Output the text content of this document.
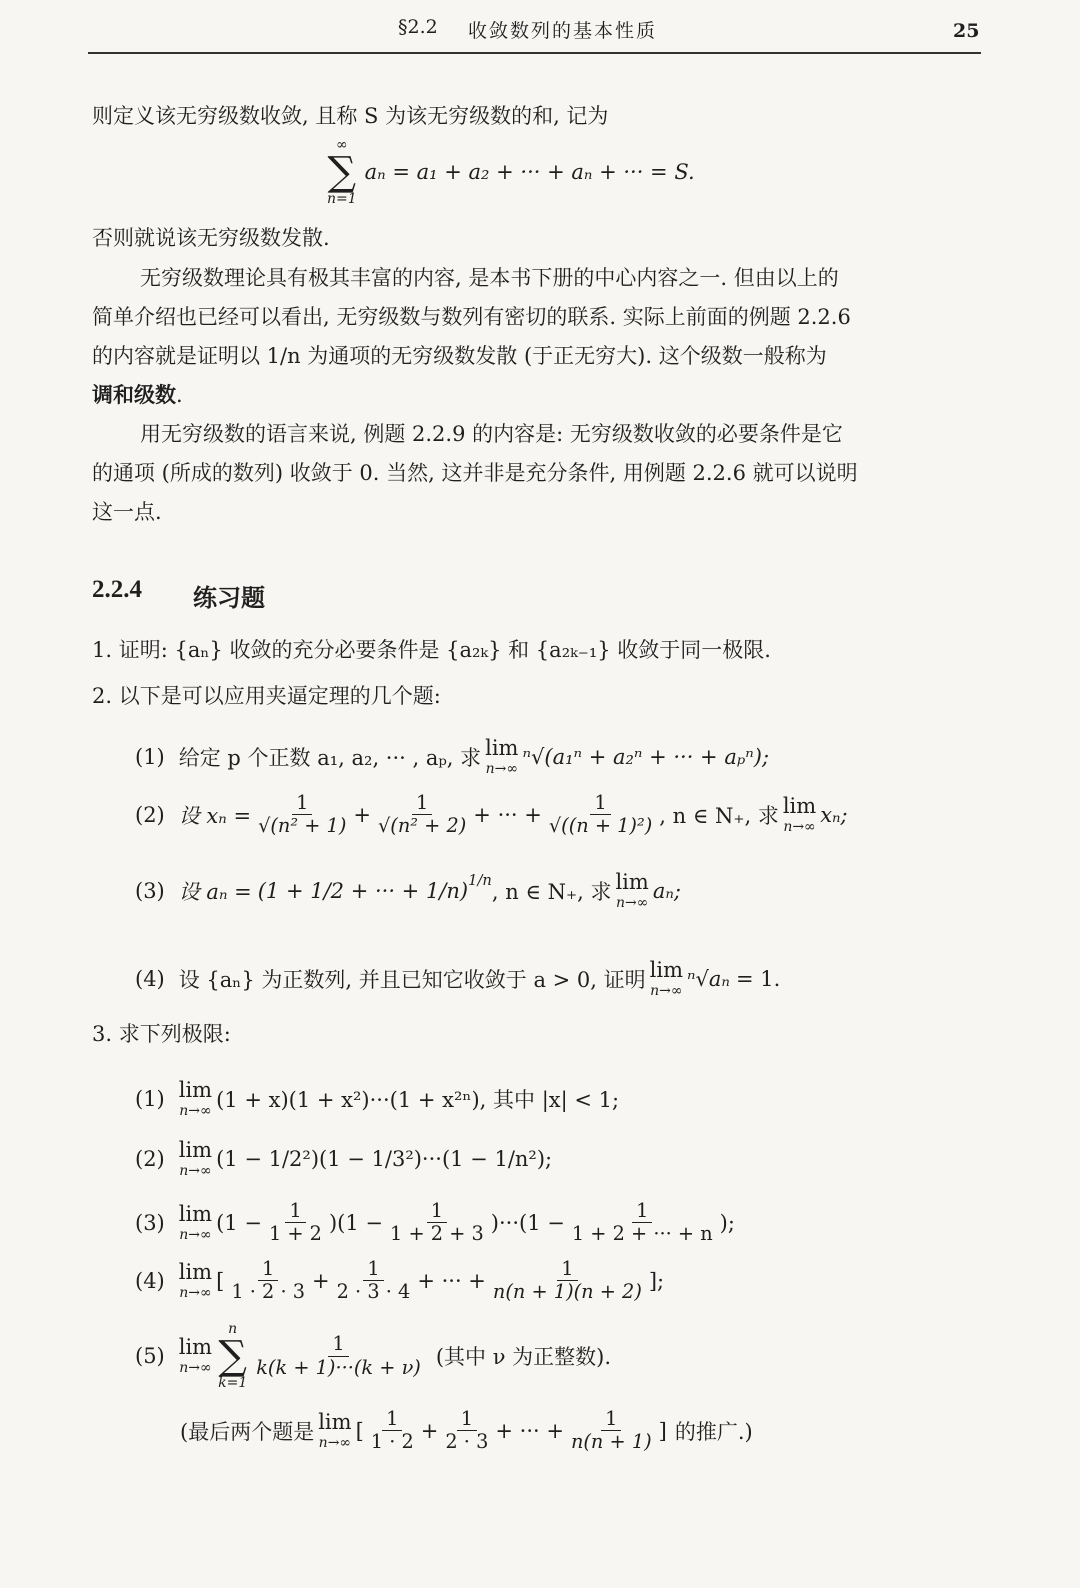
§2.2 收敛数列的基本性质	25
则定义该无穷级数收敛, 且称 S 为该无穷级数的和, 记为
∞
∑
n=1
aₙ = a₁ + a₂ + ··· + aₙ + ··· = S.
否则就说该无穷级数发散.
无穷级数理论具有极其丰富的内容, 是本书下册的中心内容之一. 但由以上的
简单介绍也已经可以看出, 无穷级数与数列有密切的联系. 实际上前面的例题 2.2.6
的内容就是证明以 1/n 为通项的无穷级数发散 (于正无穷大). 这个级数一般称为
调和级数.
用无穷级数的语言来说, 例题 2.2.9 的内容是: 无穷级数收敛的必要条件是它
的通项 (所成的数列) 收敛于 0. 当然, 这并非是充分条件, 用例题 2.2.6 就可以说明
这一点.
2.2.4 练习题
1. 证明: {aₙ} 收敛的充分必要条件是 {a₂ₖ} 和 {a₂ₖ₋₁} 收敛于同一极限.
2. 以下是可以应用夹逼定理的几个题:
(1) 给定 p 个正数 a₁, a₂, ··· , aₚ, 求 lim
n→∞ ⁿ√(a₁ⁿ + a₂ⁿ + ··· + aₚⁿ);
(2) 设 $x_n = \frac{1}{\text{√(n² + 1)}} + \frac{1}{\text{√(n² + 2)}}$ + ··· + $\frac{1}{\text{√((n + 1)²)}}$ , n ∈ N₊, 求 lim
n→∞ xₙ;
(3) 设 aₙ = (1 + 1/2 + ··· + 1/n)$^{1/n}$ , n ∈ N₊, 求 lim
n→∞ aₙ;
(4) 设 {aₙ} 为正数列, 并且已知它收敛于 a > 0, 证明 lim
n→∞ ⁿ√aₙ = 1.
3. 求下列极限:
(1) lim
n→∞ (1 + x)(1 + x²)···(1 + x²ⁿ), 其中 |x| < 1;
(2) lim
n→∞ (1 − 1/2²)(1 − 1/3²)···(1 − 1/n²);
(3) lim
n→∞ $(1 - \frac{1}{1 + 2} )(1 - \frac{1}{1 + 2 + 3} )\cdot\cdot\cdot(1 - \frac{1}{1 + 2 + \cdot\cdot\cdot + n}$ );
(4) lim
n→∞ [ $\frac{1}{1 \cdot 2 \cdot 3} + \frac{1}{2 \cdot 3 \cdot 4}$ + ··· + $\frac{1}{n(n + 1)(n + 2)}$ ];
(5) lim
n→∞
n
∑
k=1
$\frac{1}{k(k + 1)\cdot\cdot\cdot(k + \nu)}$ (其中 ν 为正整数).
(最后两个题是 lim
n→∞ [ $\frac{1}{1 \cdot 2} + \frac{1}{2 \cdot 3}$ + ··· + $\frac{1}{n(n + 1)}$ ] 的推广.)
